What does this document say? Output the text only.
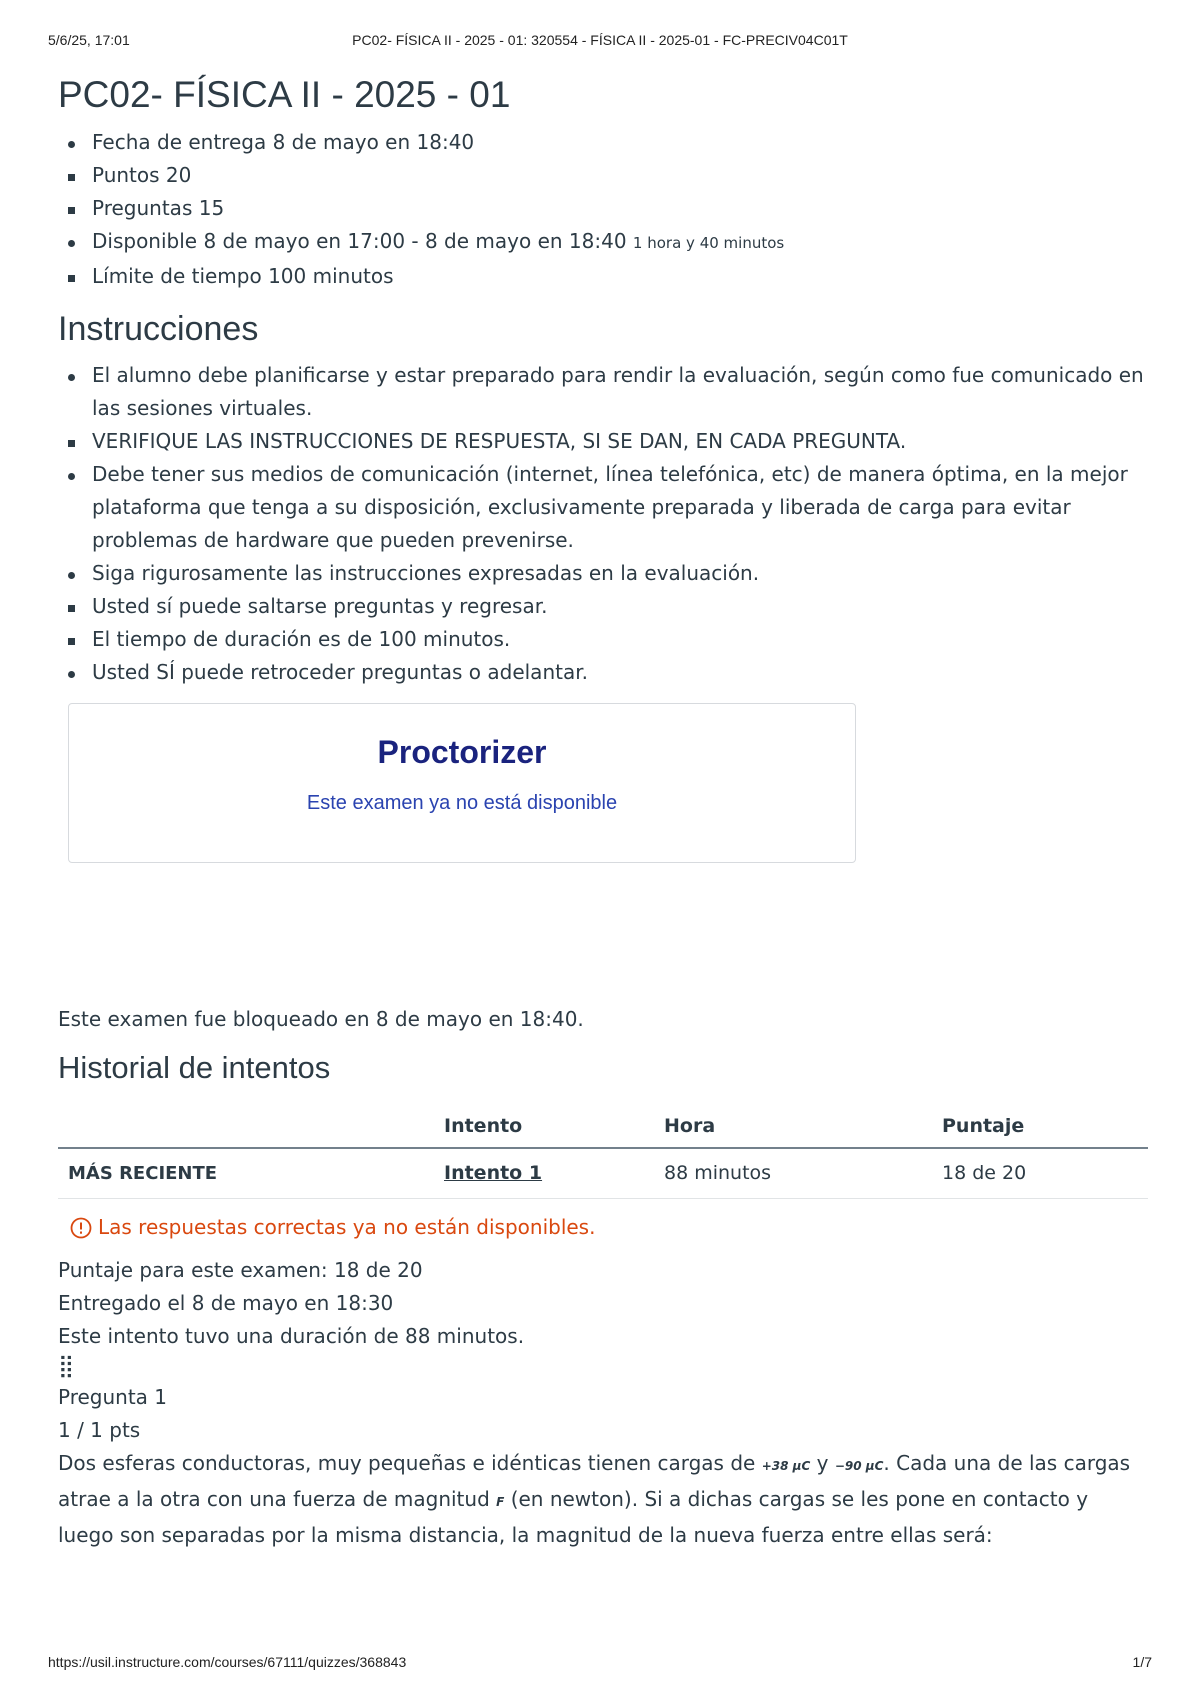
5/6/25, 17:01	PC02- FÍSICA II - 2025 - 01: 320554 - FÍSICA II - 2025-01 - FC-PRECIV04C01T
PC02- FÍSICA II - 2025 - 01
Fecha de entrega 8 de mayo en 18:40
Puntos 20
Preguntas 15
Disponible 8 de mayo en 17:00 - 8 de mayo en 18:40 1 hora y 40 minutos
Límite de tiempo 100 minutos
Instrucciones
El alumno debe planificarse y estar preparado para rendir la evaluación, según como fue comunicado en las sesiones virtuales.
VERIFIQUE LAS INSTRUCCIONES DE RESPUESTA, SI SE DAN, EN CADA PREGUNTA.
Debe tener sus medios de comunicación (internet, línea telefónica, etc) de manera óptima, en la mejor plataforma que tenga a su disposición, exclusivamente preparada y liberada de carga para evitar problemas de hardware que pueden prevenirse.
Siga rigurosamente las instrucciones expresadas en la evaluación.
Usted sí puede saltarse preguntas y regresar.
El tiempo de duración es de 100 minutos.
Usted SÍ puede retroceder preguntas o adelantar.
Proctorizer
Este examen ya no está disponible
Este examen fue bloqueado en 8 de mayo en 18:40.
Historial de intentos
	Intento	Hora	Puntaje
MÁS RECIENTE	Intento 1	88 minutos	18 de 20
Las respuestas correctas ya no están disponibles.
Puntaje para este examen: 18 de 20
Entregado el 8 de mayo en 18:30
Este intento tuvo una duración de 88 minutos.
⣿
Pregunta 1
1 / 1 pts
Dos esferas conductoras, muy pequeñas e idénticas tienen cargas de +38 μC y −90 μC. Cada una de las cargas atrae a la otra con una fuerza de magnitud F (en newton). Si a dichas cargas se les pone en contacto y luego son separadas por la misma distancia, la magnitud de la nueva fuerza entre ellas será:
https://usil.instructure.com/courses/67111/quizzes/368843	1/7
